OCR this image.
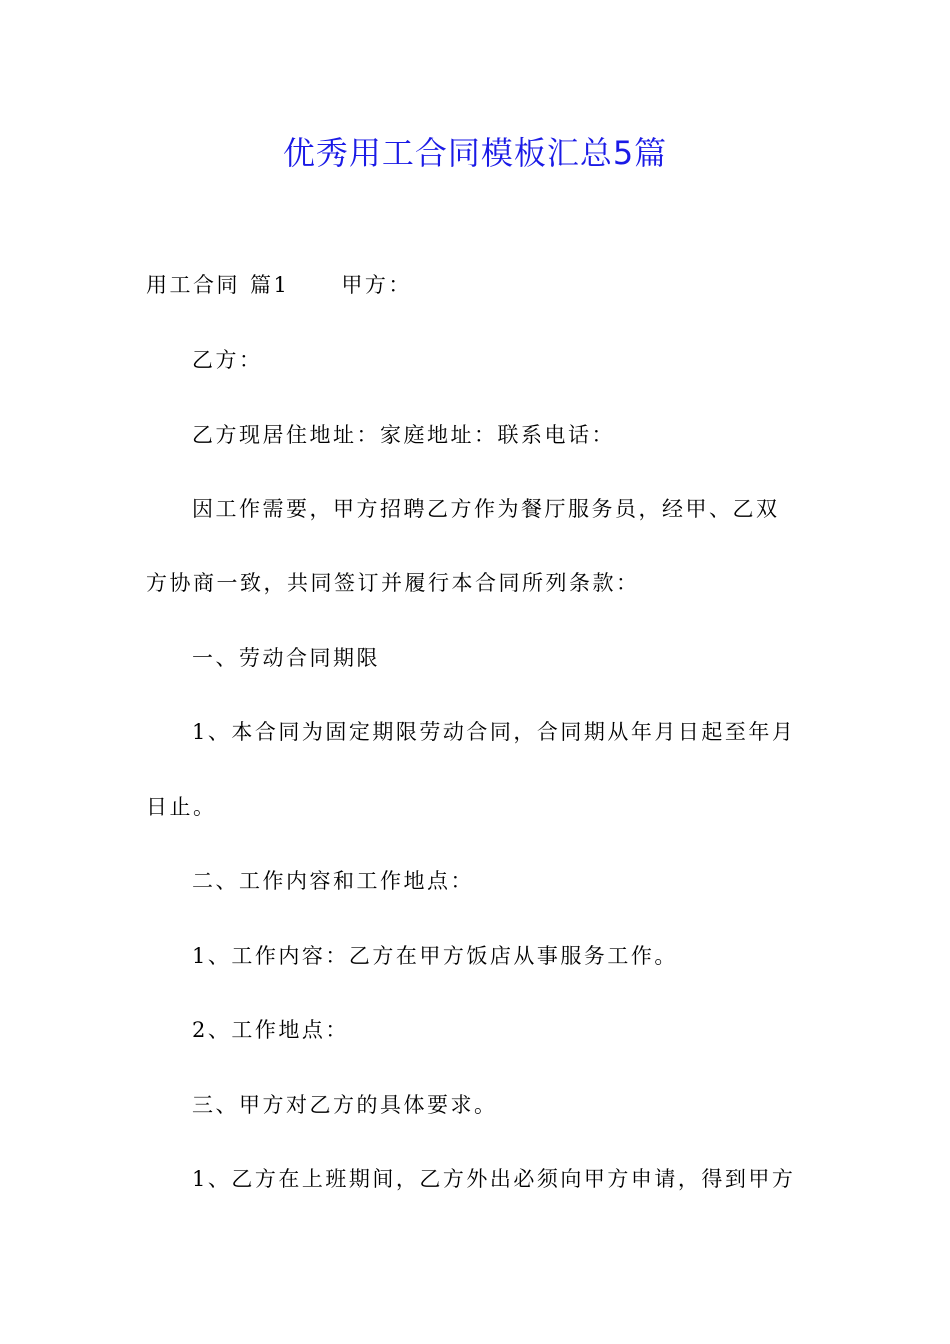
优秀用工合同模板汇总5篇

用工合同 篇1 甲方：

乙方：

乙方现居住地址：家庭地址：联系电话：

因工作需要，甲方招聘乙方作为餐厅服务员，经甲、乙双

方协商一致，共同签订并履行本合同所列条款：

一、劳动合同期限

1、本合同为固定期限劳动合同，合同期从年月日起至年月

日止。

二、工作内容和工作地点：

1、工作内容：乙方在甲方饭店从事服务工作。

2、工作地点：

三、甲方对乙方的具体要求。

1、乙方在上班期间，乙方外出必须向甲方申请，得到甲方
